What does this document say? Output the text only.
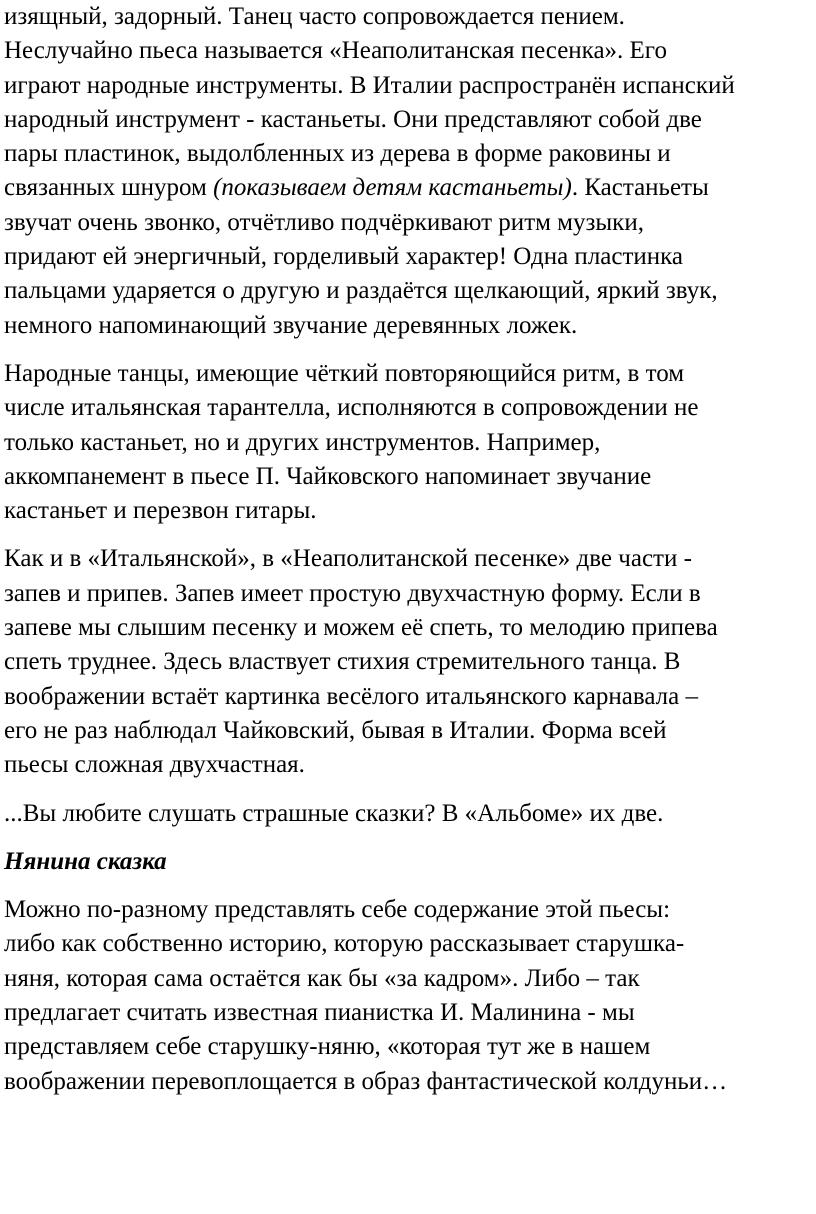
изящный, задорный. Танец часто сопровождается пением.
Неслучайно пьеса называется «Неаполитанская песенка». Его
играют народные инструменты. В Италии распространён испанский
народный инструмент - кастаньеты. Они представляют собой две
пары пластинок, выдолбленных из дерева в форме раковины и
связанных шнуром (показываем детям кастаньеты). Кастаньеты
звучат очень звонко, отчётливо подчёркивают ритм музыки,
придают ей энергичный, горделивый характер! Одна пластинка
пальцами ударяется о другую и раздаётся щелкающий, яркий звук,
немного напоминающий звучание деревянных ложек.
Народные танцы, имеющие чёткий повторяющийся ритм, в том
числе итальянская тарантелла, исполняются в сопровождении не
только кастаньет, но и других инструментов. Например,
аккомпанемент в пьесе П. Чайковского напоминает звучание
кастаньет и перезвон гитары.
Как и в «Итальянской», в «Неаполитанской песенке» две части -
запев и припев. Запев имеет простую двухчастную форму. Если в
запеве мы слышим песенку и можем её спеть, то мелодию припева
спеть труднее. Здесь властвует стихия стремительного танца. В
воображении встаёт картинка весёлого итальянского карнавала –
его не раз наблюдал Чайковский, бывая в Италии. Форма всей
пьесы сложная двухчастная.
...Вы любите слушать страшные сказки? В «Альбоме» их две.
Нянина сказка
Можно по-разному представлять себе содержание этой пьесы:
либо как собственно историю, которую рассказывает старушка-
няня, которая сама остаётся как бы «за кадром». Либо – так
предлагает считать известная пианистка И. Малинина - мы
представляем себе старушку-няню, «которая тут же в нашем
воображении перевоплощается в образ фантастической колдуньи…
